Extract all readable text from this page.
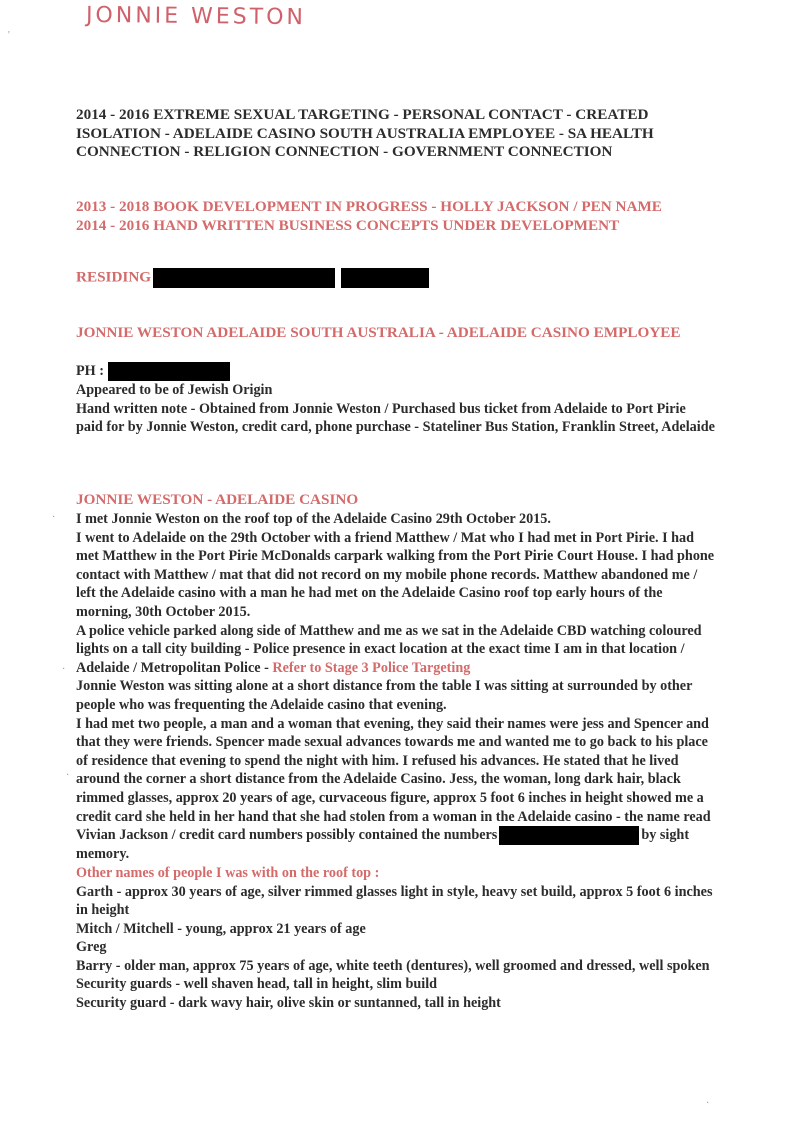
JONNIE WESTON
2014 - 2016 EXTREME SEXUAL TARGETING - PERSONAL CONTACT - CREATED ISOLATION - ADELAIDE CASINO SOUTH AUSTRALIA EMPLOYEE - SA HEALTH CONNECTION - RELIGION CONNECTION - GOVERNMENT CONNECTION

2013 - 2018 BOOK DEVELOPMENT IN PROGRESS - HOLLY JACKSON / PEN NAME

2014 - 2016 HAND WRITTEN BUSINESS CONCEPTS UNDER DEVELOPMENT

RESIDING
JONNIE WESTON ADELAIDE SOUTH AUSTRALIA - ADELAIDE CASINO EMPLOYEE

PH :

Appeared to be of Jewish Origin

Hand written note - Obtained from Jonnie Weston / Purchased bus ticket from Adelaide to Port Pirie paid for by Jonnie Weston, credit card, phone purchase - Stateliner Bus Station, Franklin Street, Adelaide

JONNIE WESTON - ADELAIDE CASINO

I met Jonnie Weston on the roof top of the Adelaide Casino 29th October 2015.

I went to Adelaide on the 29th October with a friend Matthew / Mat who I had met in Port Pirie. I had met Matthew in the Port Pirie McDonalds carpark walking from the Port Pirie Court House. I had phone contact with Matthew / mat that did not record on my mobile phone records. Matthew abandoned me / left the Adelaide casino with a man he had met on the Adelaide Casino roof top early hours of the morning, 30th October 2015.

A police vehicle parked along side of Matthew and me as we sat in the Adelaide CBD watching coloured lights on a tall city building - Police presence in exact location at the exact time I am in that location / Adelaide / Metropolitan Police - Refer to Stage 3 Police Targeting

Jonnie Weston was sitting alone at a short distance from the table I was sitting at surrounded by other people who was frequenting the Adelaide casino that evening.

I had met two people, a man and a woman that evening, they said their names were jess and Spencer and that they were friends. Spencer made sexual advances towards me and wanted me to go back to his place of residence that evening to spend the night with him. I refused his advances. He stated that he lived around the corner a short distance from the Adelaide Casino. Jess, the woman, long dark hair, black rimmed glasses, approx 20 years of age, curvaceous figure, approx 5 foot 6 inches in height showed me a credit card she held in her hand that she had stolen from a woman in the Adelaide casino - the name read Vivian Jackson / credit card numbers possibly contained the numbers	by sight memory.

Other names of people I was with on the roof top :

Garth - approx 30 years of age, silver rimmed glasses light in style, heavy set build, approx 5 foot 6 inches in height

Mitch / Mitchell - young, approx 21 years of age

Greg

Barry - older man, approx 75 years of age, white teeth (dentures), well groomed and dressed, well spoken

Security guards - well shaven head, tall in height, slim build

Security guard - dark wavy hair, olive skin or suntanned, tall in height

'
·
·
·
·
